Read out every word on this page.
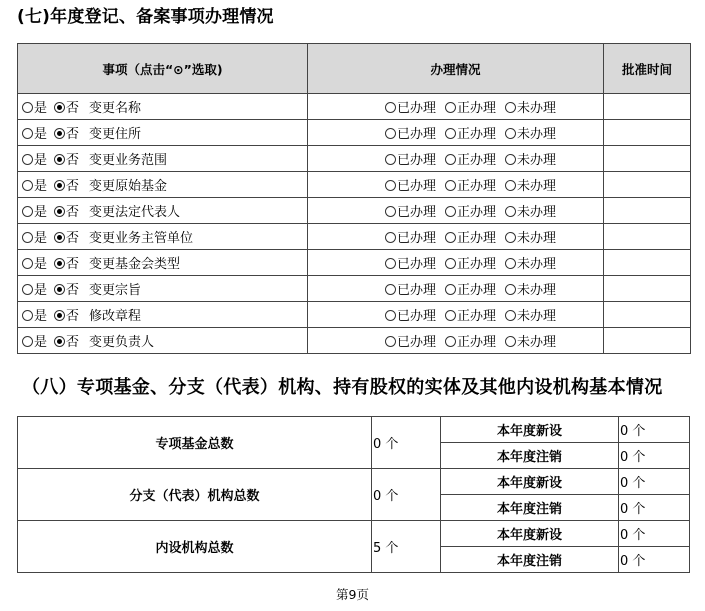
(七)年度登记、备案事项办理情况
事项（点击“⊙”选取)	办理情况	批准时间
是 否 变更名称	已办理 正办理 未办理	
是 否 变更住所	已办理 正办理 未办理	
是 否 变更业务范围	已办理 正办理 未办理	
是 否 变更原始基金	已办理 正办理 未办理	
是 否 变更法定代表人	已办理 正办理 未办理	
是 否 变更业务主管单位	已办理 正办理 未办理	
是 否 变更基金会类型	已办理 正办理 未办理	
是 否 变更宗旨	已办理 正办理 未办理	
是 否 修改章程	已办理 正办理 未办理	
是 否 变更负责人	已办理 正办理 未办理	
（八）专项基金、分支（代表）机构、持有股权的实体及其他内设机构基本情况
专项基金总数	0 个	本年度新设	0 个
		本年度注销	0 个
分支（代表）机构总数	0 个	本年度新设	0 个
		本年度注销	0 个
内设机构总数	5 个	本年度新设	0 个
		本年度注销	0 个
第9页
